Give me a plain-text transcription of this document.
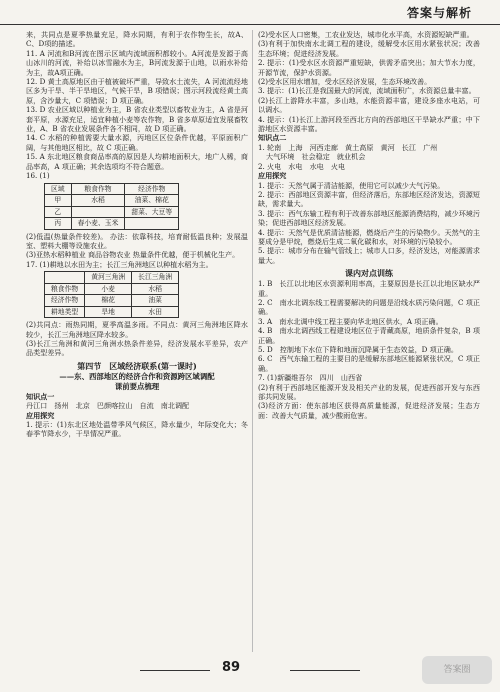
答案与解析

来，共同点是夏季热量充足，降水同期，有利于农作物生长，故A、C、D项的描述。

11. A 河流和B河流在图示区域内流域面积都较小。A河流是发源于高山冰川的河流，补给以冰雪融水为主，B河流发源于山地，以雨水补给为主，故A项正确。

12. D 黄土高原地区由于植被破坏严重，导致水土流失，A 河流流经地区多为干旱、半干旱地区，气候干旱，B 项错误；图示河段流经黄土高原，含沙量大，C 项错误；D 项正确。

13. D 农业区域以种植业为主，B 省农业类型以畜牧业为主，A 省是河套平原，水源充足，适宜种植小麦等农作物，B 省多草原适宜发展畜牧业，A、B 省农业发展条件各不相同，故 D 项正确。

14. C 水稻的种植需要大量水源，丙地区区位条件优越，平原面积广阔，与其他地区相比，故 C 项正确。

15. A 东北地区粮食商品率高的原因是人均耕地面积大，地广人稀，商品率高，A 项正确；其余选项均不符合题意。

16. (1)

区域	粮食作物	经济作物
甲	水稻	油菜、棉花
乙		甜菜、大豆等
丙	春小麦、玉米	

(2)低温(热量条件较差)。 办法：依靠科技，培育耐低温良种；发展温室、塑料大棚等设施农业。

(3)亚热水稻种植业 商品谷物农业 热量条件优越，便于机械化生产。

17. (1)耕地以水田为主；长江三角洲地区以种植水稻为主。

	黄河三角洲	长江三角洲
粮食作物	小麦	水稻
经济作物	棉花	油菜
耕地类型	旱地	水田

(2)共同点：雨热同期，夏季高温多雨。不同点：黄河三角洲地区降水较少，长江三角洲地区降水较多。

(3)长江三角洲和黄河三角洲水热条件差异，经济发展水平差异，农产品类型差异。

第四节　区域经济联系(第一课时)
——东、西部地区的经济合作和资源跨区域调配
课前要点梳理

知识点一

丹江口　扬州　北京　巴颜喀拉山　自流　南北调配

应用探究

1. 提示：(1)东北区地处温带季风气候区，降水量少，年际变化大；冬春季节降水少，干旱情况严重。

(2)受水区人口密集，工农业发达，城市化水平高，水资源短缺严重。

(3)有利于加快南水北调工程的建设，缓解受水区用水紧张状况；改善生态环境；促进经济发展。

2. 提示：(1)受水区水资源严重短缺，供需矛盾突出；加大节水力度，开源节流，保护水资源。

(2)受水区用水增加，受水区经济发展，生态环境改善。

3. 提示：(1)长江是我国最大的河流，流域面积广，水资源总量丰富。

(2)长江上游降水丰富，多山地，水能资源丰富，建设多座水电站，可以调水。

4. 提示：(1)长江上游河段至西北方向的西部地区干旱缺水严重；中下游地区水资源丰富。

知识点二

1. 轮南　上海　河西走廊　黄土高原　黄河　长江　广州

大气环境　社会稳定　就业机会

2. 火电　水电　水电　火电

应用探究

1. 提示：天然气属于清洁能源，使用它可以减少大气污染。

2. 提示：西部地区资源丰富，但经济落后，东部地区经济发达，资源短缺，需求量大。

3. 提示：西气东输工程有利于改善东部地区能源消费结构，减少环境污染；促进西部地区经济发展。

4. 提示：天然气是优质清洁能源，燃烧后产生的污染物少。天然气的主要成分是甲烷，燃烧后生成二氧化碳和水，对环境的污染较小。

5. 提示：城市分布在输气管线上；城市人口多，经济发达，对能源需求量大。

课内对点训练

1. B　长江以北地区水资源利用率高，主要原因是长江以北地区缺水严重。

2. C　南水北调东线工程需要解决的问题是沿线水质污染问题，C 项正确。

3. A　南水北调中线工程主要向华北地区供水，A 项正确。

4. B　南水北调西线工程建设地区位于青藏高原，地质条件复杂，B 项正确。

5. D　控制地下水位下降和地面沉降属于生态效益，D 项正确。

6. C　西气东输工程的主要目的是缓解东部地区能源紧张状况，C 项正确。

7. (1)新疆维吾尔　四川　山西省

(2)有利于西部地区能源开发及相关产业的发展，促进西部开发与东西部共同发展。

(3)经济方面：使东部地区获得高质量能源，促进经济发展；生态方面：改善大气质量，减少酸雨危害。

89	答案圈
